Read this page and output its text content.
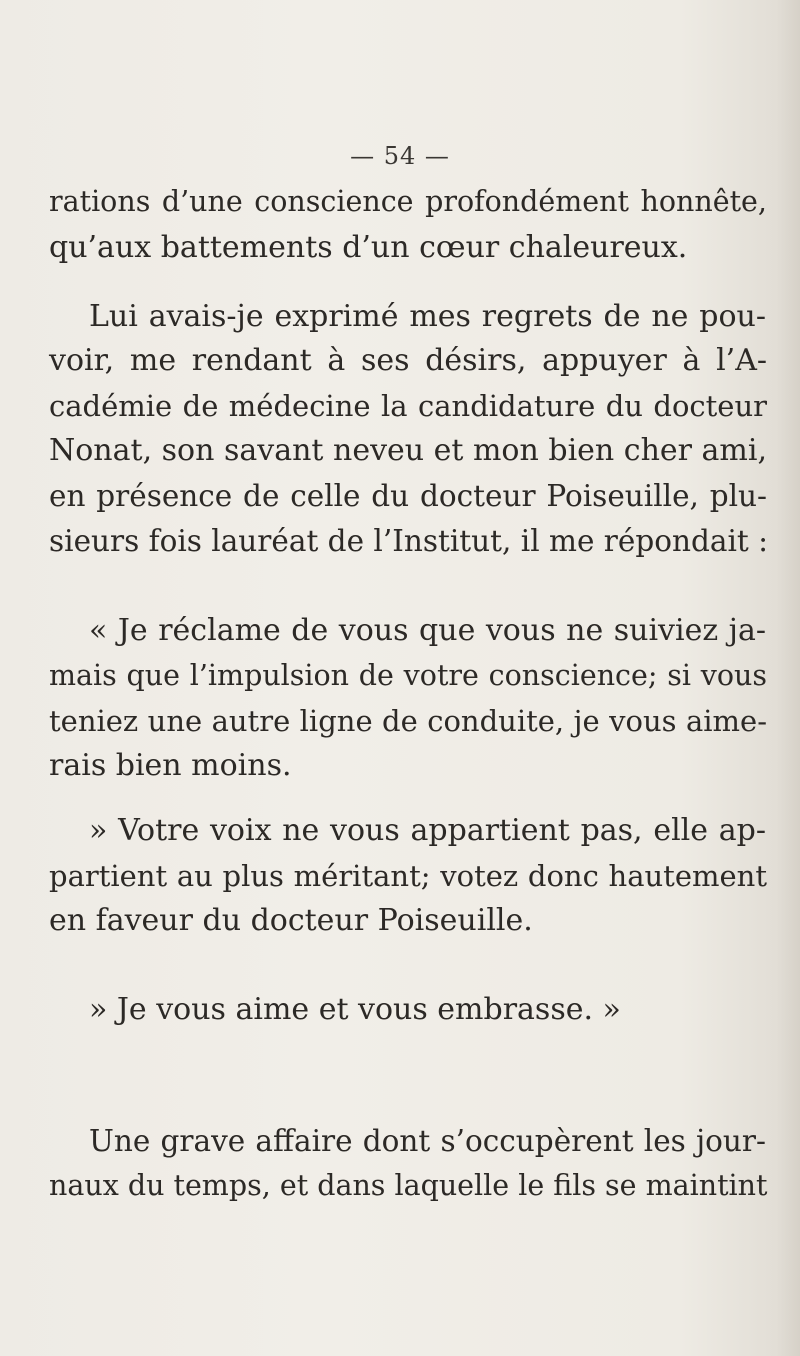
— 54 —
rations d’une conscience profondément honnête,
qu’aux battements d’un cœur chaleureux.
Lui avais-je exprimé mes regrets de ne pou-
voir, me rendant à ses désirs, appuyer à l’A-
cadémie de médecine la candidature du docteur
Nonat, son savant neveu et mon bien cher ami,
en présence de celle du docteur Poiseuille, plu-
sieurs fois lauréat de l’Institut, il me répondait :
« Je réclame de vous que vous ne suiviez ja-
mais que l’impulsion de votre conscience; si vous
teniez une autre ligne de conduite, je vous aime-
rais bien moins.
» Votre voix ne vous appartient pas, elle ap-
partient au plus méritant; votez donc hautement
en faveur du docteur Poiseuille.
» Je vous aime et vous embrasse. »
Une grave affaire dont s’occupèrent les jour-
naux du temps, et dans laquelle le fils se maintint
